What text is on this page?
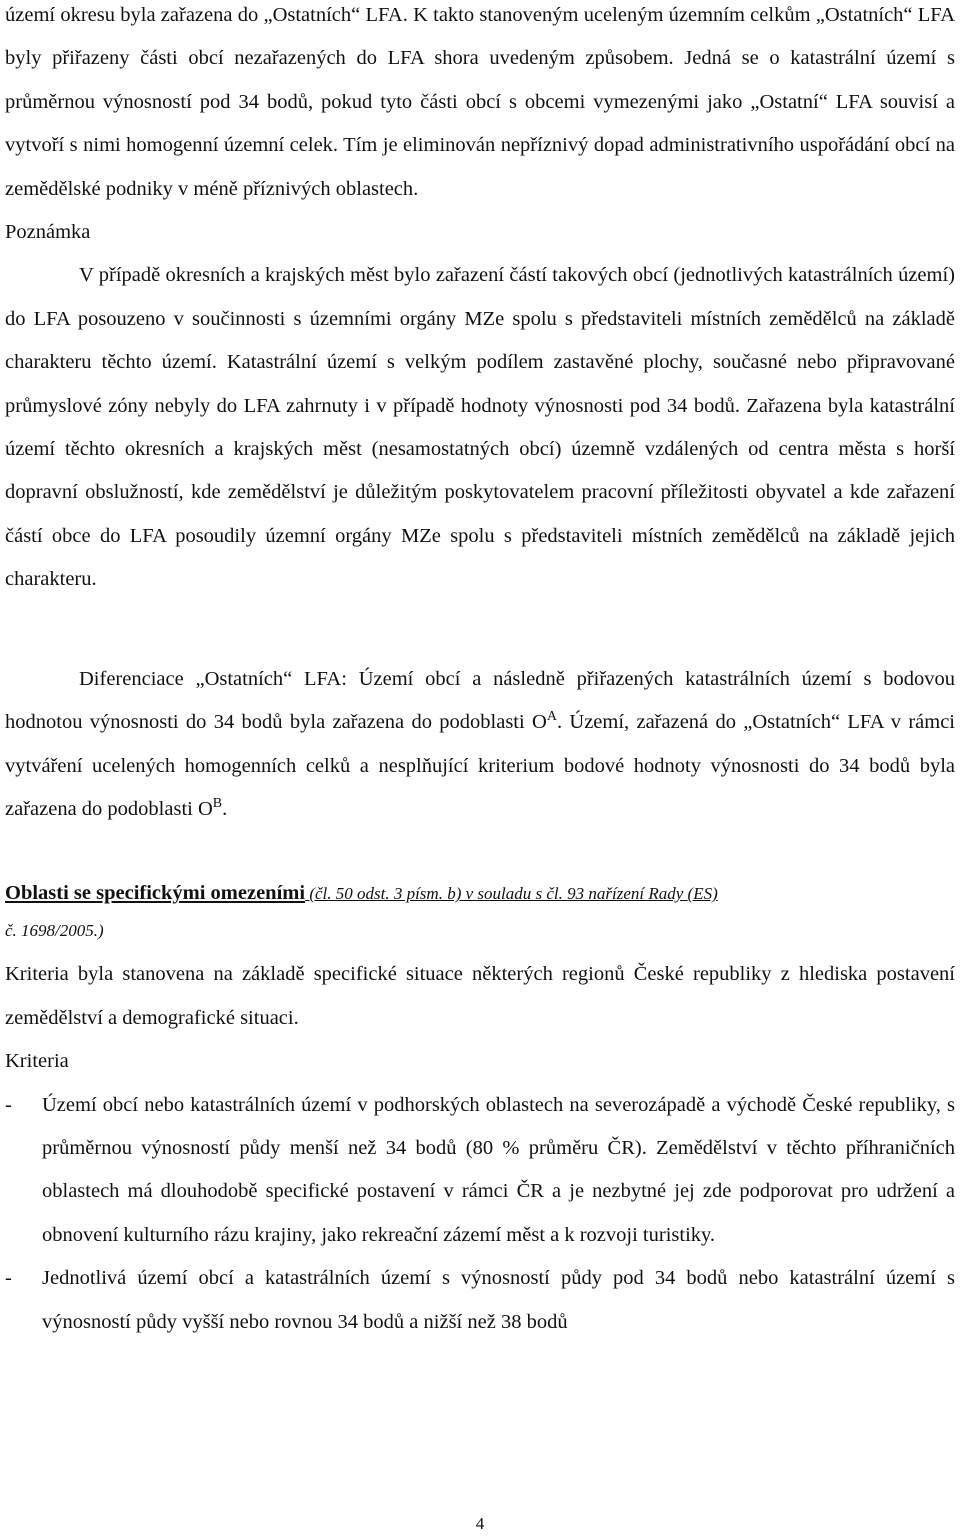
území okresu byla zařazena do „Ostatních“ LFA. K takto stanoveným uceleným územním celkům „Ostatních“ LFA byly přiřazeny části obcí nezařazených do LFA shora uvedeným způsobem. Jedná se o katastrální území s průměrnou výnosností pod 34 bodů, pokud tyto části obcí s obcemi vymezenými jako „Ostatní“ LFA souvisí a vytvoří s nimi homogenní územní celek. Tím je eliminován nepříznivý dopad administrativního uspořádání obcí na zemědělské podniky v méně příznivých oblastech.

Poznámka

V případě okresních a krajských měst bylo zařazení částí takových obcí (jednotlivých katastrálních území) do LFA posouzeno v součinnosti s územními orgány MZe spolu s představiteli místních zemědělců na základě charakteru těchto území. Katastrální území s velkým podílem zastavěné plochy, současné nebo připravované průmyslové zóny nebyly do LFA zahrnuty i v případě hodnoty výnosnosti pod 34 bodů. Zařazena byla katastrální území těchto okresních a krajských měst (nesamostatných obcí) územně vzdálených od centra města s horší dopravní obslužností, kde zemědělství je důležitým poskytovatelem pracovní příležitosti obyvatel a kde zařazení částí obce do LFA posoudily územní orgány MZe spolu s představiteli místních zemědělců na základě jejich charakteru.

Diferenciace „Ostatních“ LFA: Území obcí a následně přiřazených katastrálních území s bodovou hodnotou výnosnosti do 34 bodů byla zařazena do podoblasti $O^A$. Území, zařazená do „Ostatních“ LFA v rámci vytváření ucelených homogenních celků a nesplňující kriterium bodové hodnoty výnosnosti do 34 bodů byla zařazena do podoblasti $O^B$.

Oblasti se specifickými omezeními (čl. 50 odst. 3 písm. b) v souladu s čl. 93 nařízení Rady (ES)
č. 1698/2005.)

Kriteria byla stanovena na základě specifické situace některých regionů České republiky z hlediska postavení zemědělství a demografické situaci.

Kriteria

- Území obcí nebo katastrálních území v podhorských oblastech na severozápadě a východě České republiky, s průměrnou výnosností půdy menší než 34 bodů (80 % průměru ČR). Zemědělství v těchto příhraničních oblastech má dlouhodobě specifické postavení v rámci ČR a je nezbytné jej zde podporovat pro udržení a obnovení kulturního rázu krajiny, jako rekreační zázemí měst a k rozvoji turistiky.
- Jednotlivá území obcí a katastrálních území s výnosností půdy pod 34 bodů nebo katastrální území s výnosností půdy vyšší nebo rovnou 34 bodů a nižší než 38 bodů
4
